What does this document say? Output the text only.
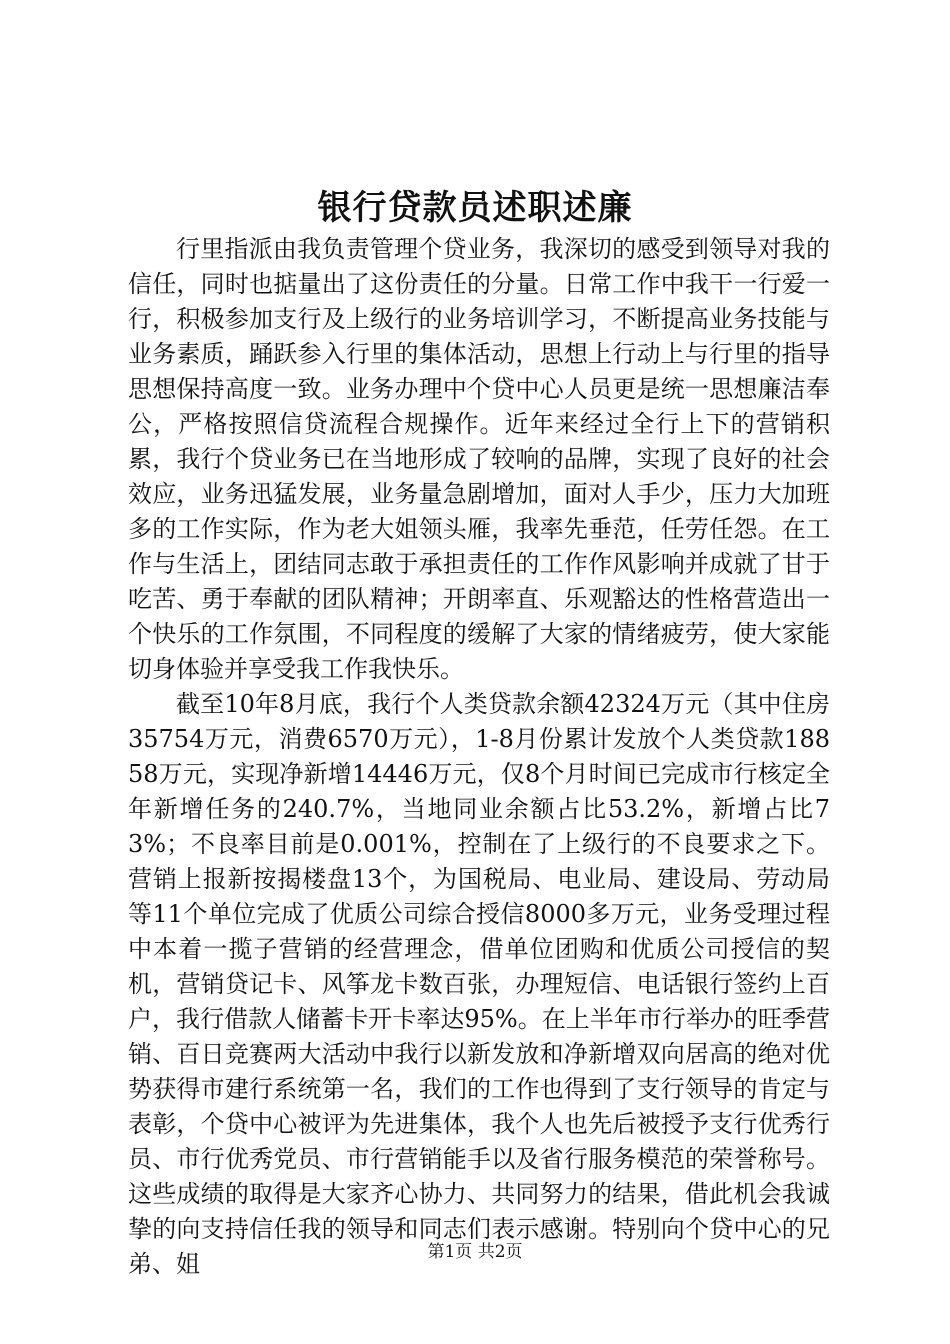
银行贷款员述职述廉

行里指派由我负责管理个贷业务，我深切的感受到领导对我的信任，同时也掂量出了这份责任的分量。日常工作中我干一行爱一行，积极参加支行及上级行的业务培训学习，不断提高业务技能与业务素质，踊跃参入行里的集体活动，思想上行动上与行里的指导思想保持高度一致。业务办理中个贷中心人员更是统一思想廉洁奉公，严格按照信贷流程合规操作。近年来经过全行上下的营销积累，我行个贷业务已在当地形成了较响的品牌，实现了良好的社会效应，业务迅猛发展，业务量急剧增加，面对人手少，压力大加班多的工作实际，作为老大姐领头雁，我率先垂范，任劳任怨。在工作与生活上，团结同志敢于承担责任的工作作风影响并成就了甘于吃苦、勇于奉献的团队精神；开朗率直、乐观豁达的性格营造出一个快乐的工作氛围，不同程度的缓解了大家的情绪疲劳，使大家能切身体验并享受我工作我快乐。

截至10年8月底，我行个人类贷款余额42324万元（其中住房35754万元，消费6570万元），1-8月份累计发放个人类贷款18858万元，实现净新增14446万元，仅8个月时间已完成市行核定全年新增任务的240.7%，当地同业余额占比53.2%，新增占比73%；不良率目前是0.001%，控制在了上级行的不良要求之下。营销上报新按揭楼盘13个，为国税局、电业局、建设局、劳动局等11个单位完成了优质公司综合授信8000多万元，业务受理过程中本着一揽子营销的经营理念，借单位团购和优质公司授信的契机，营销贷记卡、风筝龙卡数百张，办理短信、电话银行签约上百户，我行借款人储蓄卡开卡率达95%。在上半年市行举办的旺季营销、百日竞赛两大活动中我行以新发放和净新增双向居高的绝对优势获得市建行系统第一名，我们的工作也得到了支行领导的肯定与表彰，个贷中心被评为先进集体，我个人也先后被授予支行优秀行员、市行优秀党员、市行营销能手以及省行服务模范的荣誉称号。这些成绩的取得是大家齐心协力、共同努力的结果，借此机会我诚挚的向支持信任我的领导和同志们表示感谢。特别向个贷中心的兄弟、姐	第1页 共2页
